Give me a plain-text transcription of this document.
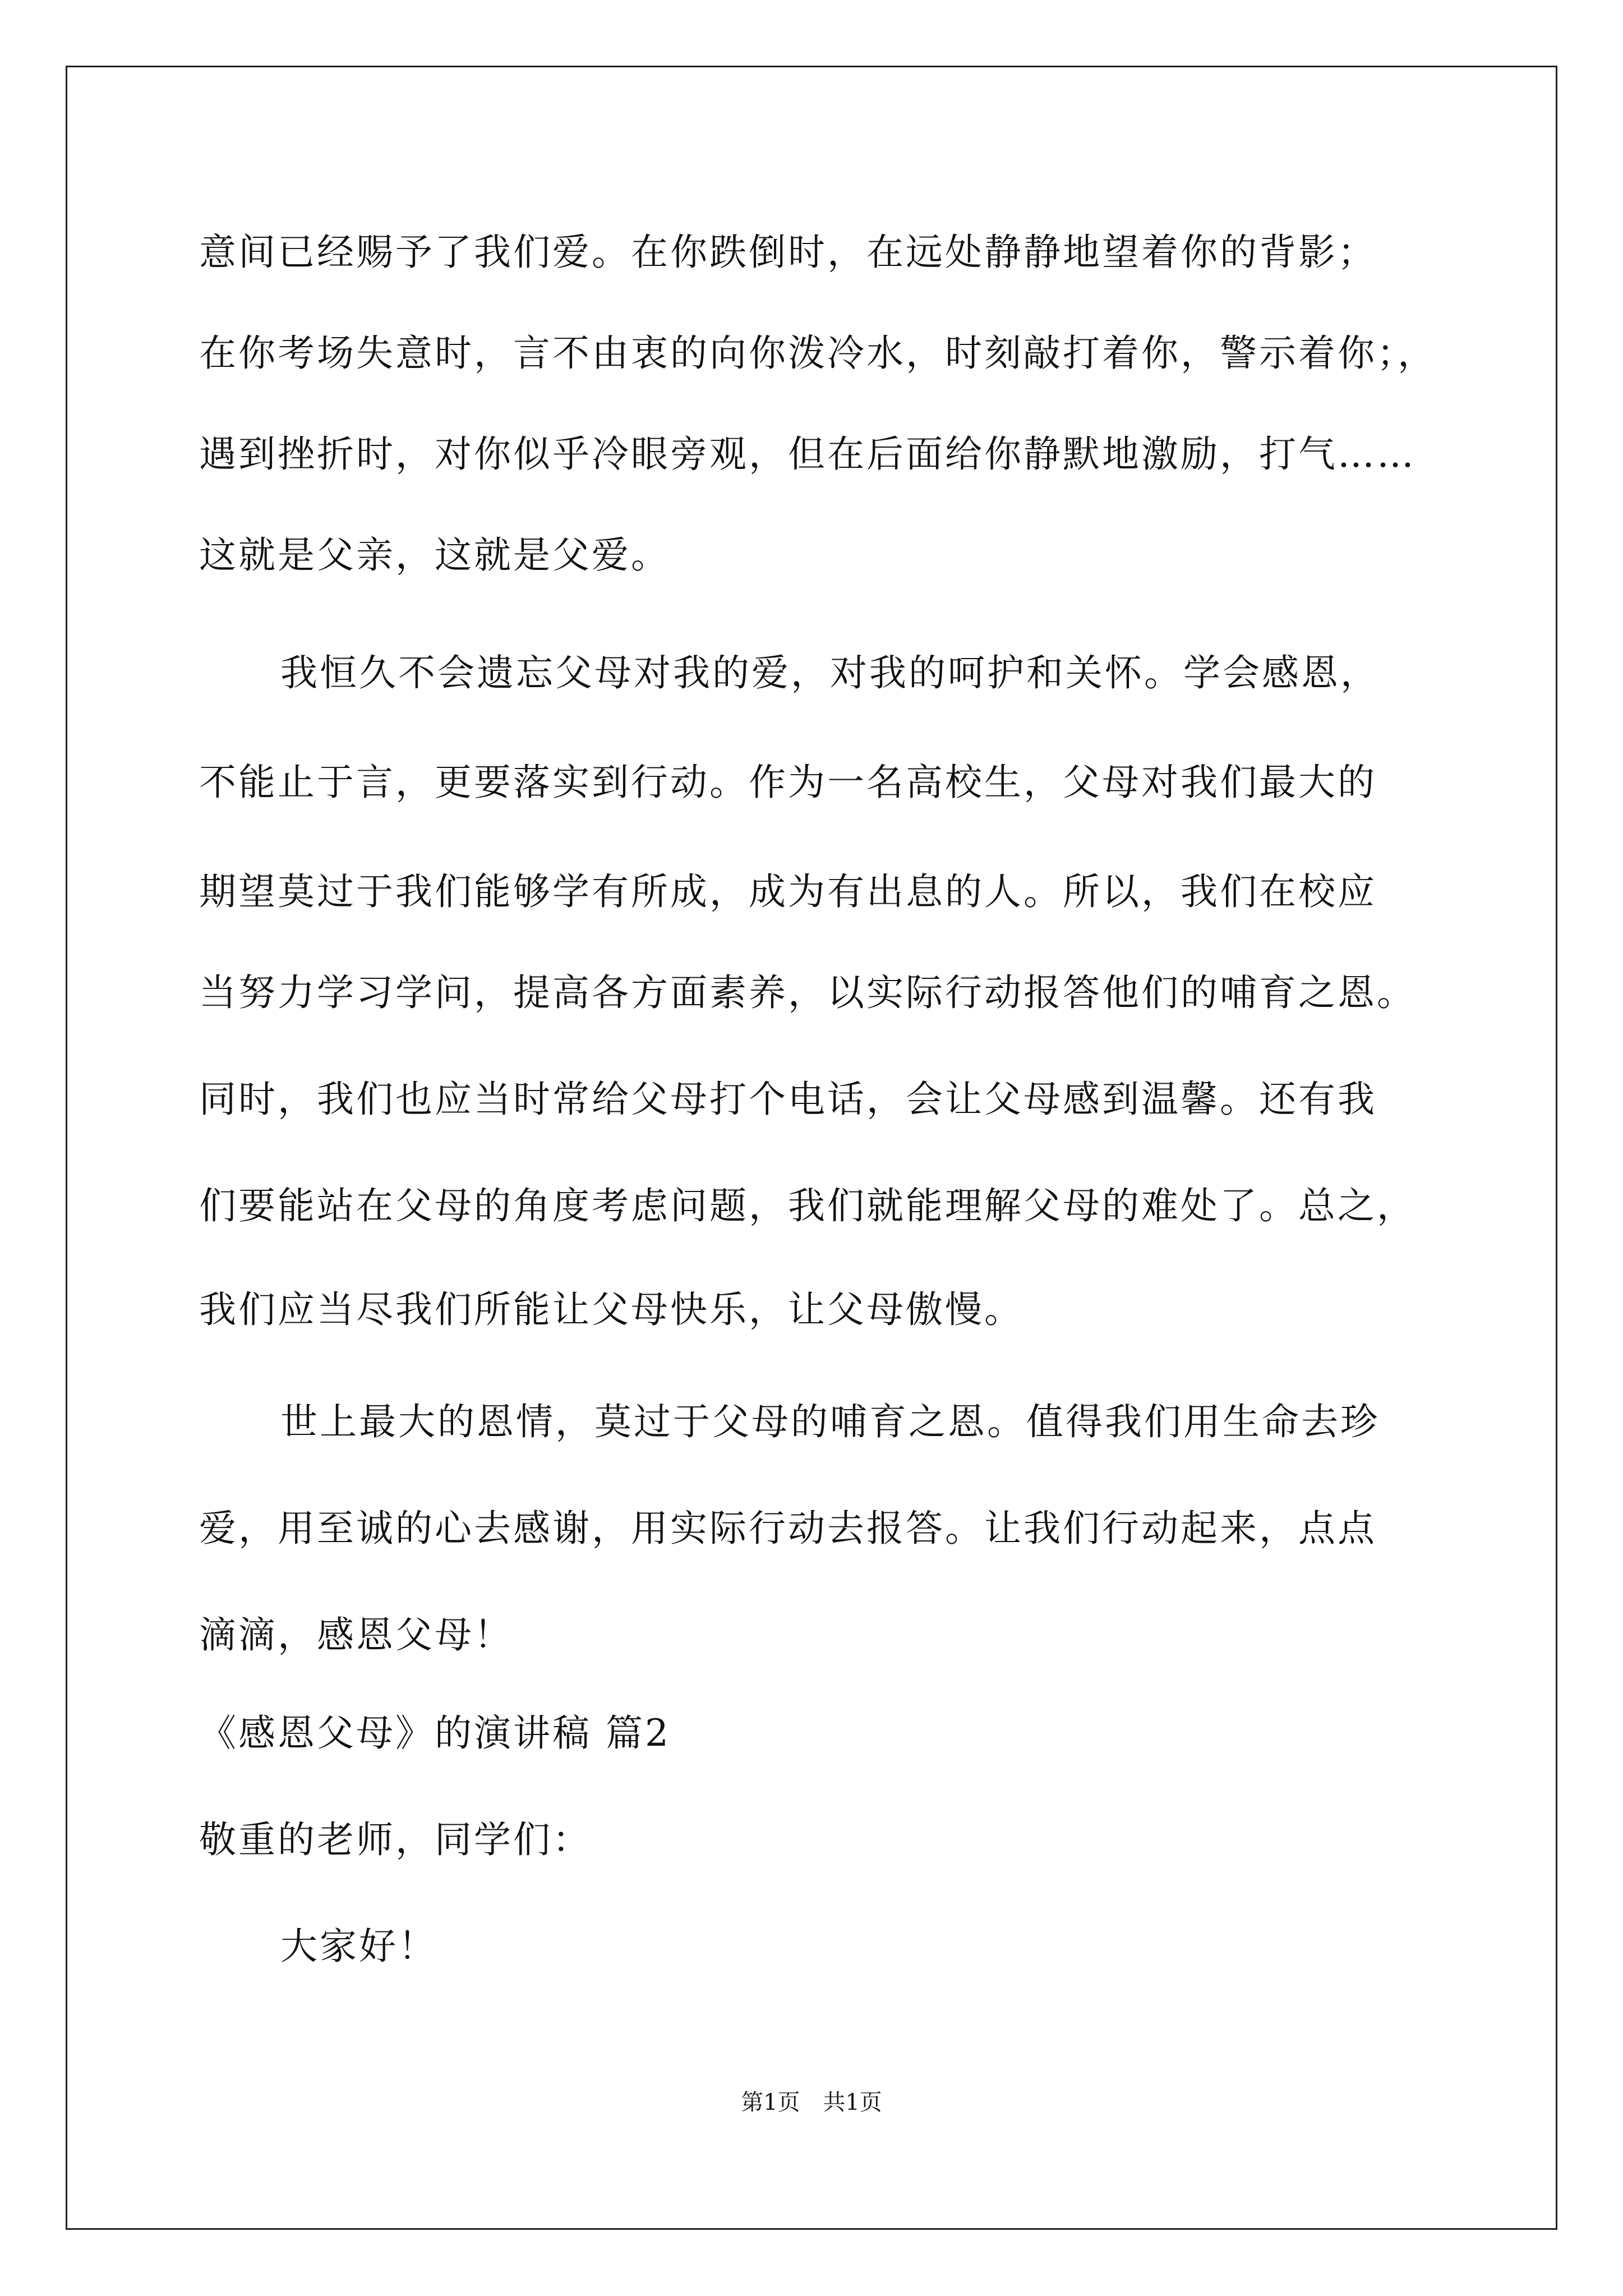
意间已经赐予了我们爱。在你跌倒时，在远处静静地望着你的背影；
在你考场失意时，言不由衷的向你泼冷水，时刻敲打着你，警示着你；，
遇到挫折时，对你似乎冷眼旁观，但在后面给你静默地激励，打气……
这就是父亲，这就是父爱。
我恒久不会遗忘父母对我的爱，对我的呵护和关怀。学会感恩，
不能止于言，更要落实到行动。作为一名高校生，父母对我们最大的
期望莫过于我们能够学有所成，成为有出息的人。所以，我们在校应
当努力学习学问，提高各方面素养，以实际行动报答他们的哺育之恩。
同时，我们也应当时常给父母打个电话，会让父母感到温馨。还有我
们要能站在父母的角度考虑问题，我们就能理解父母的难处了。总之，
我们应当尽我们所能让父母快乐，让父母傲慢。
世上最大的恩情，莫过于父母的哺育之恩。值得我们用生命去珍
爱，用至诚的心去感谢，用实际行动去报答。让我们行动起来，点点
滴滴，感恩父母！
《感恩父母》的演讲稿 篇2
敬重的老师，同学们：
大家好！
第1页 共1页
